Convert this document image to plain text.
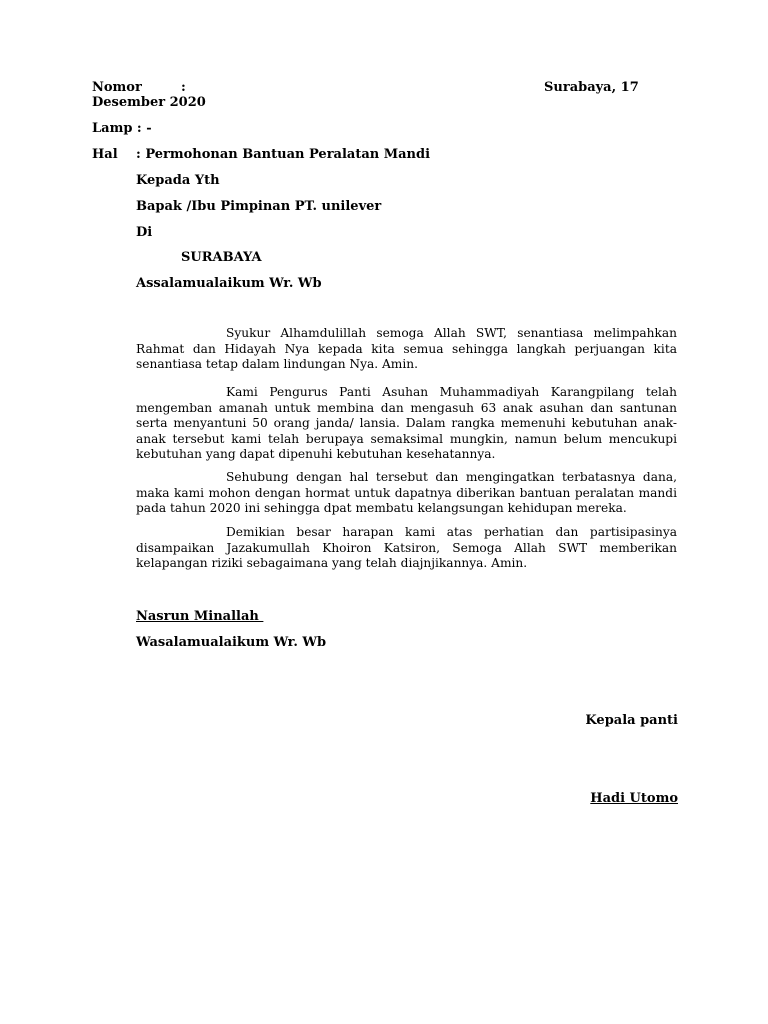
Nomor	:	Surabaya, 17
Desember 2020
Lamp : -
Hal : Permohonan Bantuan Peralatan Mandi
Kepada Yth
Bapak /Ibu Pimpinan PT. unilever
Di
SURABAYA
Assalamualaikum Wr. Wb

Syukur Alhamdulillah semoga Allah SWT, senantiasa melimpahkan Rahmat dan Hidayah Nya kepada kita semua sehingga langkah perjuangan kita senantiasa tetap dalam lindungan Nya. Amin.

Kami Pengurus Panti Asuhan Muhammadiyah Karangpilang telah mengemban amanah untuk membina dan mengasuh 63 anak asuhan dan santunan serta menyantuni 50 orang janda/ lansia. Dalam rangka memenuhi kebutuhan anak-anak tersebut kami telah berupaya semaksimal mungkin, namun belum mencukupi kebutuhan yang dapat dipenuhi kebutuhan kesehatannya.

Sehubung dengan hal tersebut dan mengingatkan terbatasnya dana, maka kami mohon dengan hormat untuk dapatnya diberikan bantuan peralatan mandi pada tahun 2020 ini sehingga dpat membatu kelangsungan kehidupan mereka.

Demikian besar harapan kami atas perhatian dan partisipasinya disampaikan Jazakumullah Khoiron Katsiron, Semoga Allah SWT memberikan kelapangan riziki sebagaimana yang telah diajnjikannya. Amin.

Nasrun Minallah
Wasalamualaikum Wr. Wb
Kepala panti
Hadi Utomo
